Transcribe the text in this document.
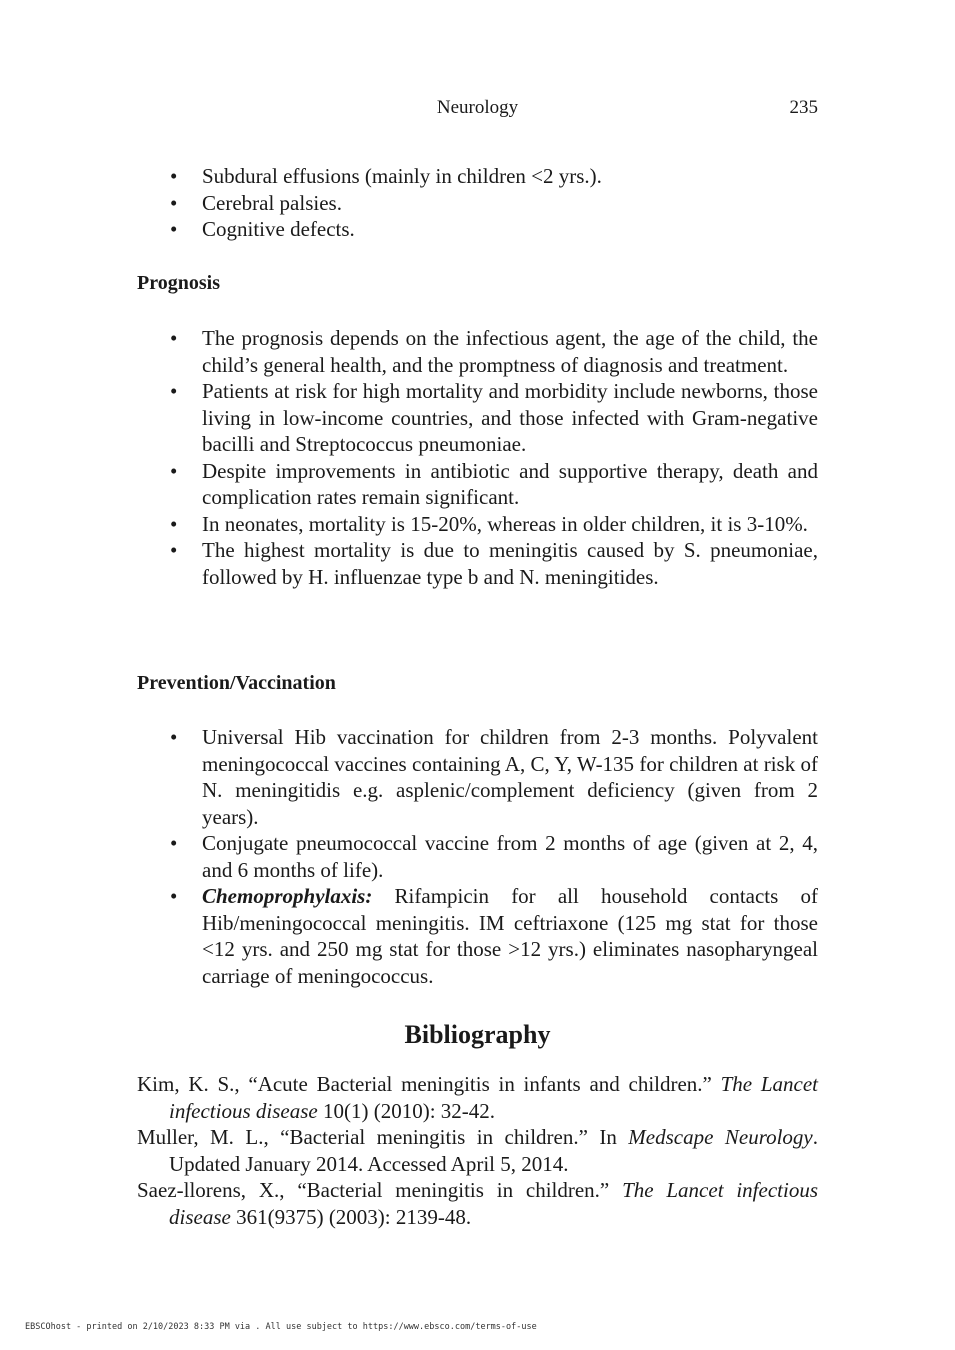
Neurology	235
• Subdural effusions (mainly in children <2 yrs.).
• Cerebral palsies.
• Cognitive defects.
Prognosis
• The prognosis depends on the infectious agent, the age of the child, the child’s general health, and the promptness of diagnosis and treatment.
• Patients at risk for high mortality and morbidity include newborns, those living in low-income countries, and those infected with Gram-negative bacilli and Streptococcus pneumoniae.
• Despite improvements in antibiotic and supportive therapy, death and complication rates remain significant.
• In neonates, mortality is 15-20%, whereas in older children, it is 3-10%.
• The highest mortality is due to meningitis caused by S. pneumoniae, followed by H. influenzae type b and N. meningitides.
Prevention/Vaccination
• Universal Hib vaccination for children from 2-3 months. Polyvalent meningococcal vaccines containing A, C, Y, W-135 for children at risk of N. meningitidis e.g. asplenic/complement deficiency (given from 2 years).
• Conjugate pneumococcal vaccine from 2 months of age (given at 2, 4, and 6 months of life).
• Chemoprophylaxis: Rifampicin for all household contacts of Hib/meningococcal meningitis. IM ceftriaxone (125 mg stat for those <12 yrs. and 250 mg stat for those >12 yrs.) eliminates nasopharyngeal carriage of meningococcus.
Bibliography
Kim, K. S., “Acute Bacterial meningitis in infants and children.” The Lancet infectious disease 10(1) (2010): 32-42.
Muller, M. L., “Bacterial meningitis in children.” In Medscape Neurology. Updated January 2014. Accessed April 5, 2014.
Saez-llorens, X., “Bacterial meningitis in children.” The Lancet infectious disease 361(9375) (2003): 2139-48.
EBSCOhost - printed on 2/10/2023 8:33 PM via . All use subject to https://www.ebsco.com/terms-of-use
